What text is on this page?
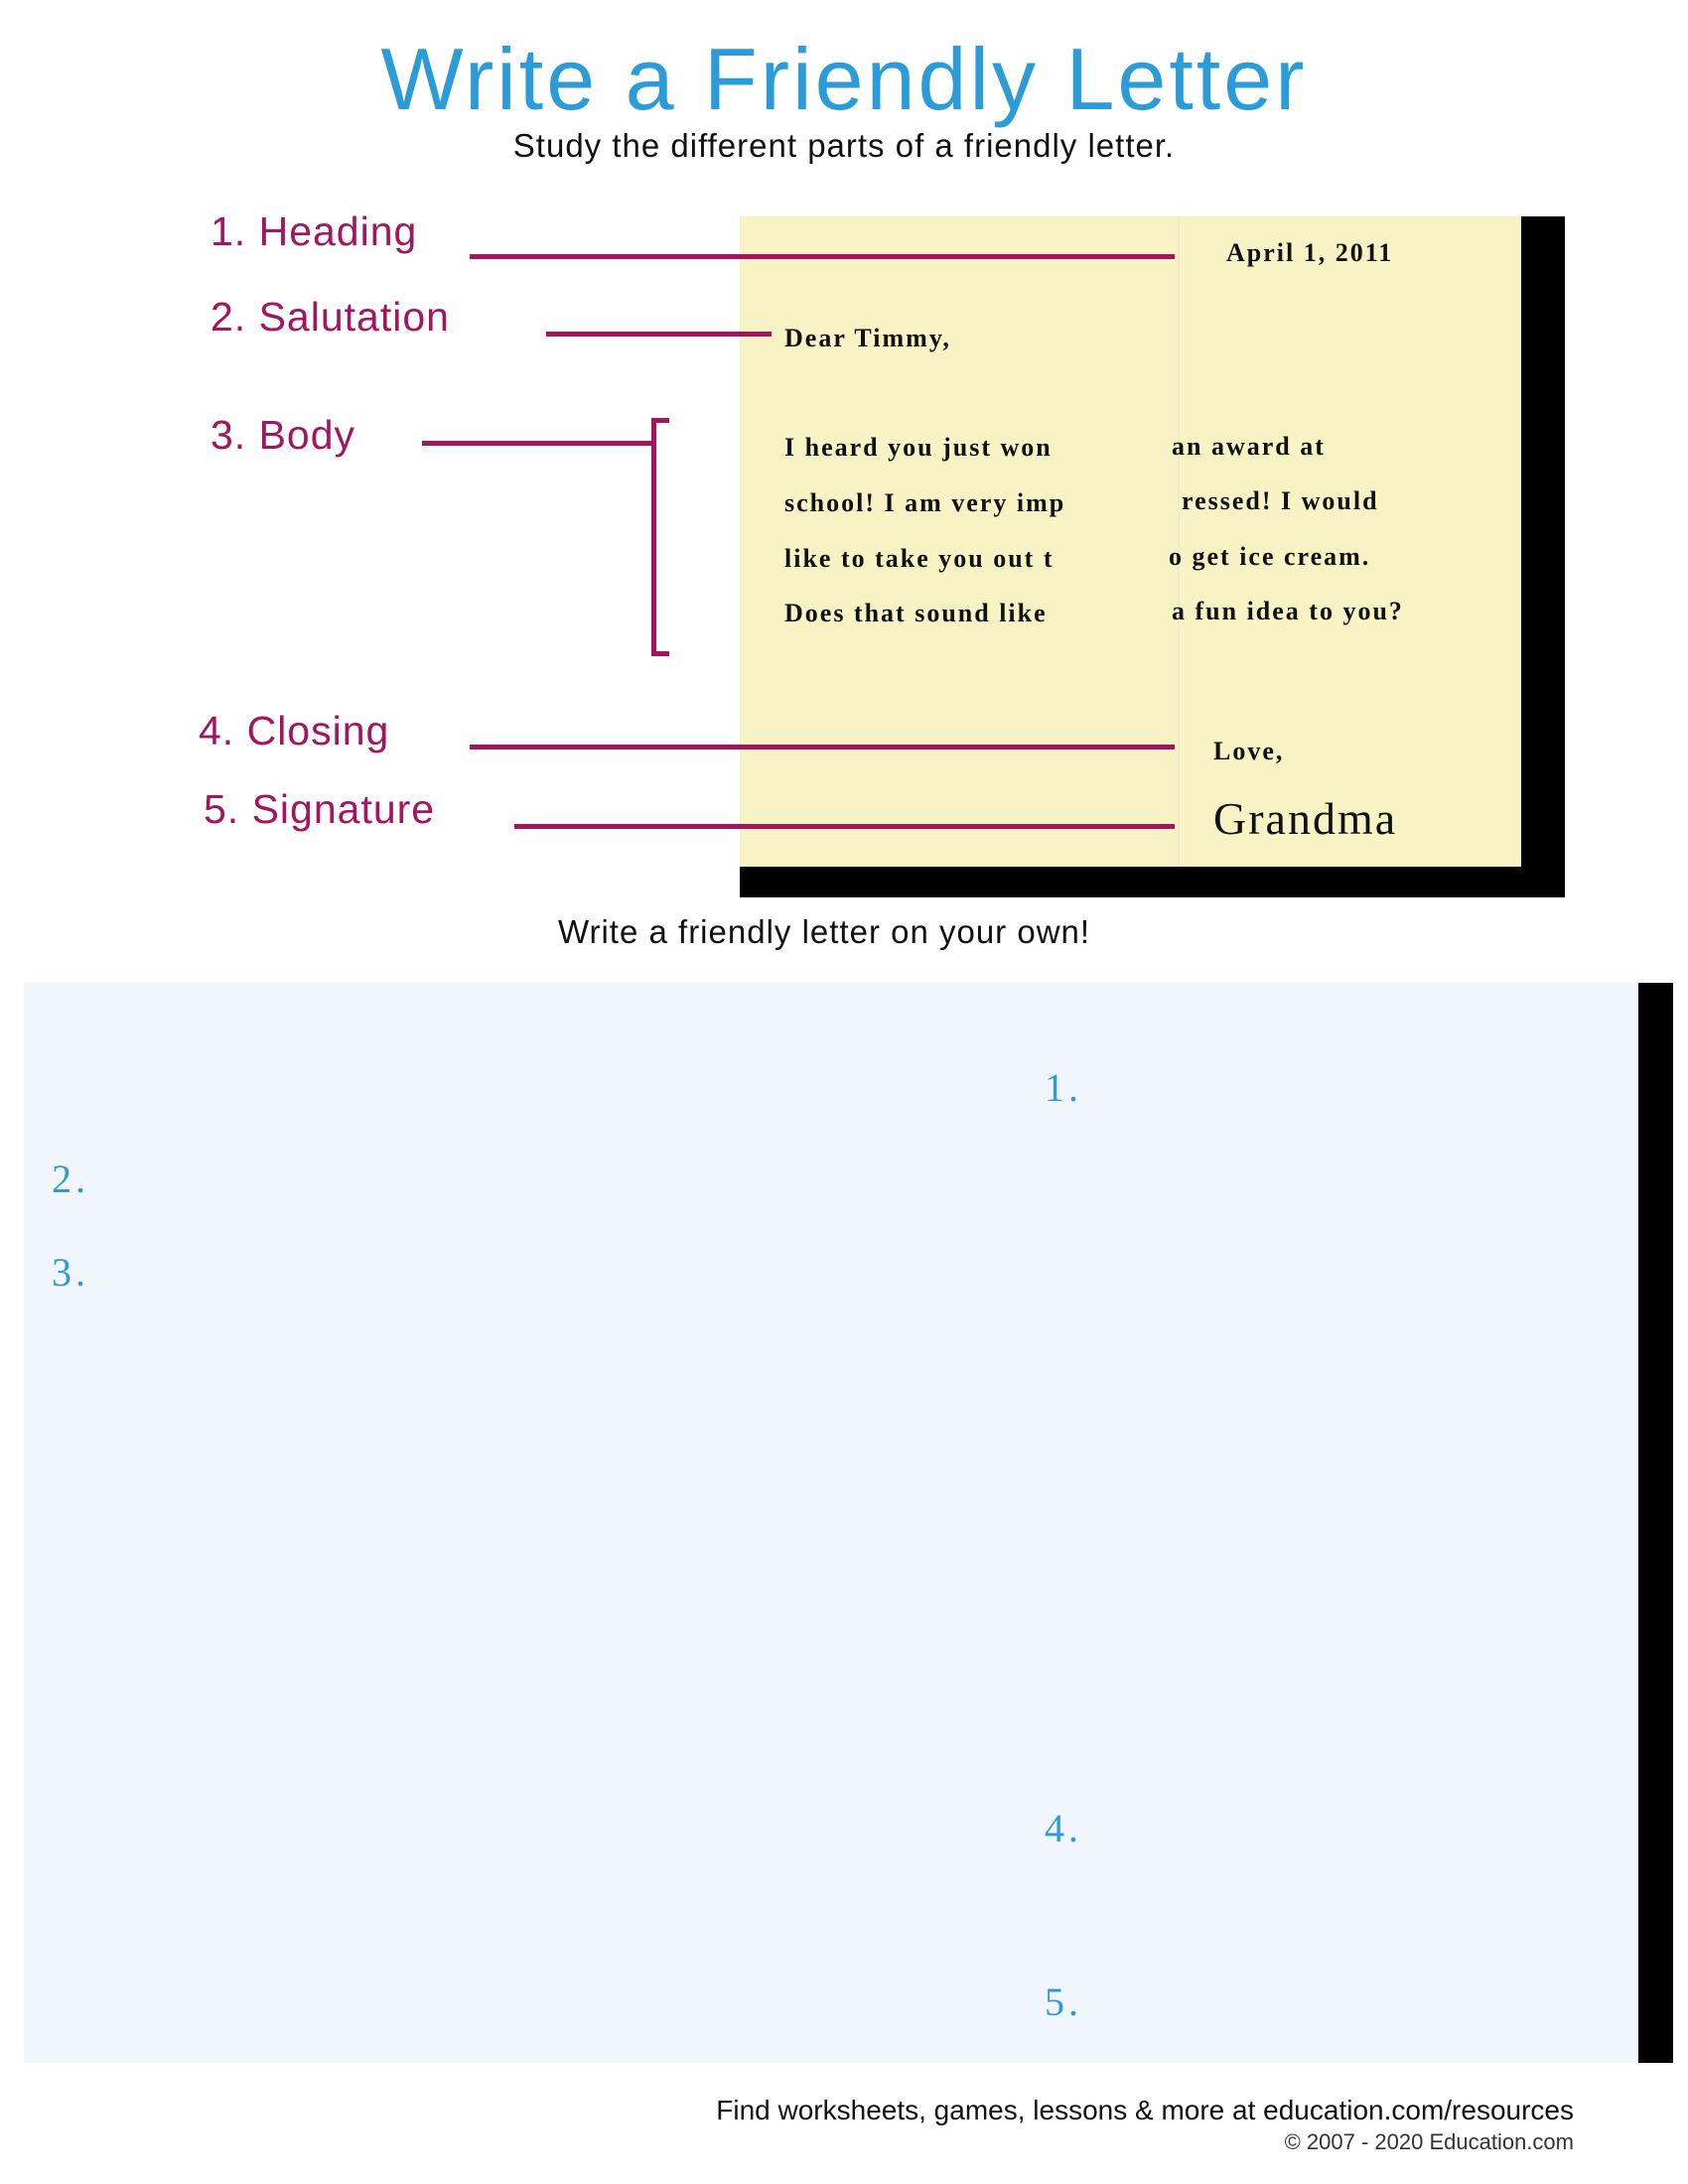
Write a Friendly Letter
Study the different parts of a friendly letter.
1. Heading
2. Salutation
3. Body
4. Closing
5. Signature
April 1, 2011
Dear Timmy,
I heard you just won
school! I am very imp
like to take you out t
Does that sound like
an award at
ressed! I would
o get ice cream.
a fun idea to you?
Love,
Grandma
Write a friendly letter on your own!
1.
2.
3.
4.
5.
Find worksheets, games, lessons & more at education.com/resources
© 2007 - 2020 Education.com
